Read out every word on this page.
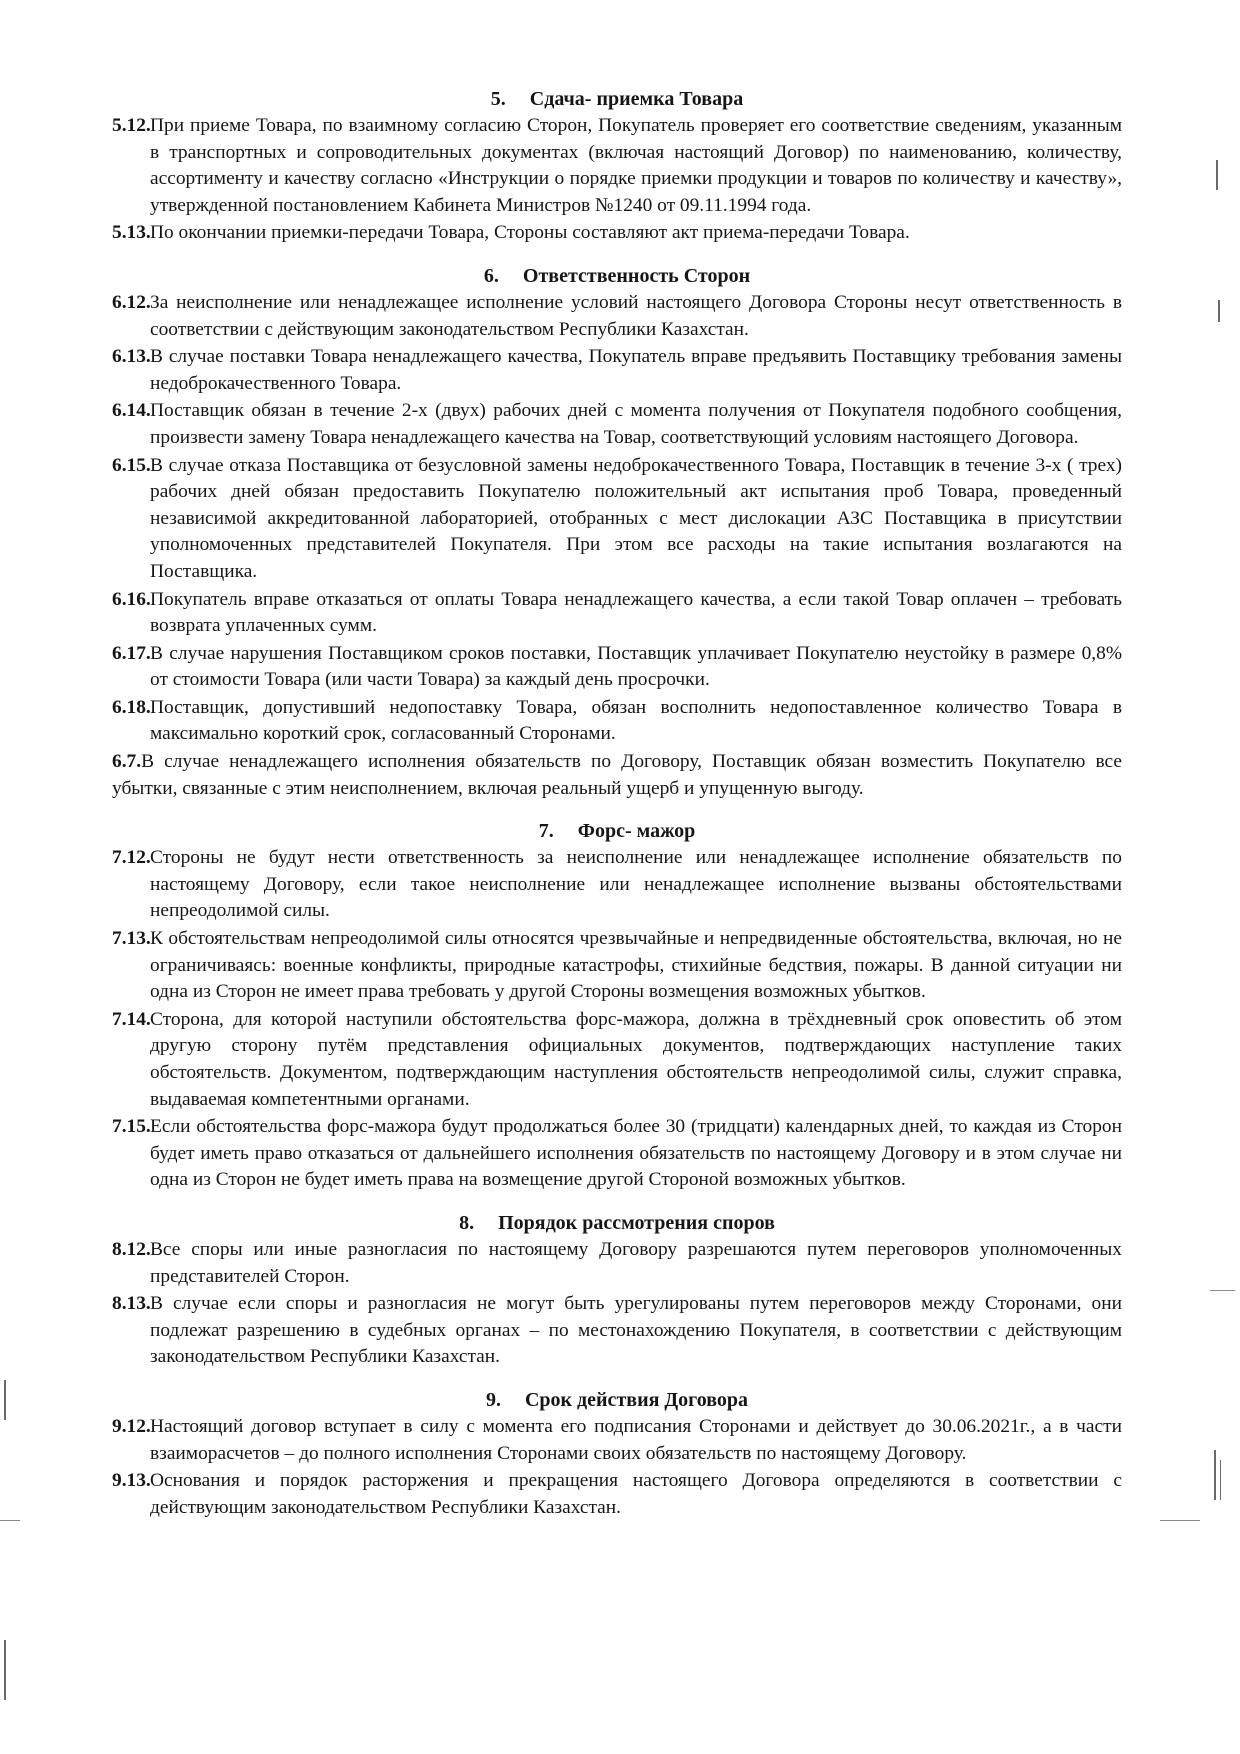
5. Сдача- приемка Товара
5.12. При приеме Товара, по взаимному согласию Сторон, Покупатель проверяет его соответствие сведениям, указанным в транспортных и сопроводительных документах (включая настоящий Договор) по наименованию, количеству, ассортименту и качеству согласно «Инструкции о порядке приемки продукции и товаров по количеству и качеству», утвержденной постановлением Кабинета Министров №1240 от 09.11.1994 года.
5.13. По окончании приемки-передачи Товара, Стороны составляют акт приема-передачи Товара.
6. Ответственность Сторон
6.12. За неисполнение или ненадлежащее исполнение условий настоящего Договора Стороны несут ответственность в соответствии с действующим законодательством Республики Казахстан.
6.13. В случае поставки Товара ненадлежащего качества, Покупатель вправе предъявить Поставщику требования замены недоброкачественного Товара.
6.14. Поставщик обязан в течение 2-х (двух) рабочих дней с момента получения от Покупателя подобного сообщения, произвести замену Товара ненадлежащего качества на Товар, соответствующий условиям настоящего Договора.
6.15. В случае отказа Поставщика от безусловной замены недоброкачественного Товара, Поставщик в течение 3-х ( трех) рабочих дней обязан предоставить Покупателю положительный акт испытания проб Товара, проведенный независимой аккредитованной лабораторией, отобранных с мест дислокации АЗС Поставщика в присутствии уполномоченных представителей Покупателя. При этом все расходы на такие испытания возлагаются на Поставщика.
6.16. Покупатель вправе отказаться от оплаты Товара ненадлежащего качества, а если такой Товар оплачен – требовать возврата уплаченных сумм.
6.17. В случае нарушения Поставщиком сроков поставки, Поставщик уплачивает Покупателю неустойку в размере 0,8% от стоимости Товара (или части Товара) за каждый день просрочки.
6.18. Поставщик, допустивший недопоставку Товара, обязан восполнить недопоставленное количество Товара в максимально короткий срок, согласованный Сторонами.
6.7.В случае ненадлежащего исполнения обязательств по Договору, Поставщик обязан возместить Покупателю все убытки, связанные с этим неисполнением, включая реальный ущерб и упущенную выгоду.
7. Форс- мажор
7.12. Стороны не будут нести ответственность за неисполнение или ненадлежащее исполнение обязательств по настоящему Договору, если такое неисполнение или ненадлежащее исполнение вызваны обстоятельствами непреодолимой силы.
7.13. К обстоятельствам непреодолимой силы относятся чрезвычайные и непредвиденные обстоятельства, включая, но не ограничиваясь: военные конфликты, природные катастрофы, стихийные бедствия, пожары. В данной ситуации ни одна из Сторон не имеет права требовать у другой Стороны возмещения возможных убытков.
7.14. Сторона, для которой наступили обстоятельства форс-мажора, должна в трёхдневный срок оповестить об этом другую сторону путём представления официальных документов, подтверждающих наступление таких обстоятельств. Документом, подтверждающим наступления обстоятельств непреодолимой силы, служит справка, выдаваемая компетентными органами.
7.15. Если обстоятельства форс-мажора будут продолжаться более 30 (тридцати) календарных дней, то каждая из Сторон будет иметь право отказаться от дальнейшего исполнения обязательств по настоящему Договору и в этом случае ни одна из Сторон не будет иметь права на возмещение другой Стороной возможных убытков.
8. Порядок рассмотрения споров
8.12. Все споры или иные разногласия по настоящему Договору разрешаются путем переговоров уполномоченных представителей Сторон.
8.13. В случае если споры и разногласия не могут быть урегулированы путем переговоров между Сторонами, они подлежат разрешению в судебных органах – по местонахождению Покупателя, в соответствии с действующим законодательством Республики Казахстан.
9. Срок действия Договора
9.12. Настоящий договор вступает в силу с момента его подписания Сторонами и действует до 30.06.2021г., а в части взаиморасчетов – до полного исполнения Сторонами своих обязательств по настоящему Договору.
9.13. Основания и порядок расторжения и прекращения настоящего Договора определяются в соответствии с действующим законодательством Республики Казахстан.
